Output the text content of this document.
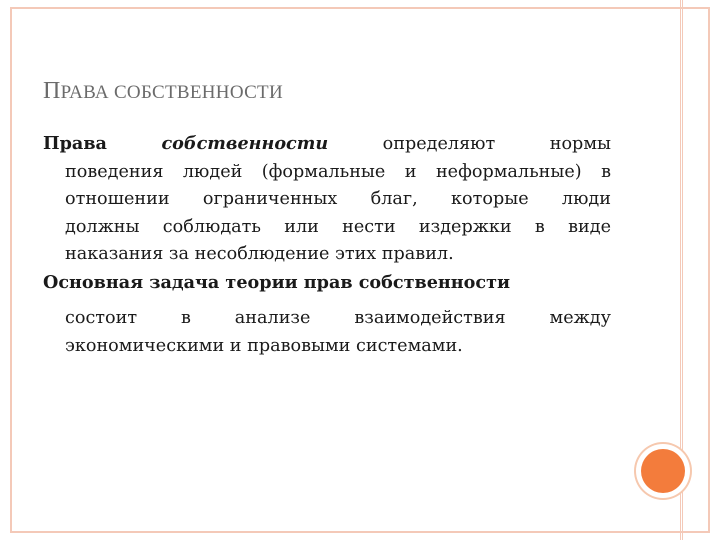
ПРАВА СОБСТВЕННОСТИ

Права	собственности	определяют	нормы
поведения людей (формальные и неформальные) в
отношении ограниченных благ, которые люди
должны соблюдать или нести издержки в виде
наказания за несоблюдение этих правил.

Основная задача теории прав собственности

состоит в анализе взаимодействия между
экономическими и правовыми системами.
